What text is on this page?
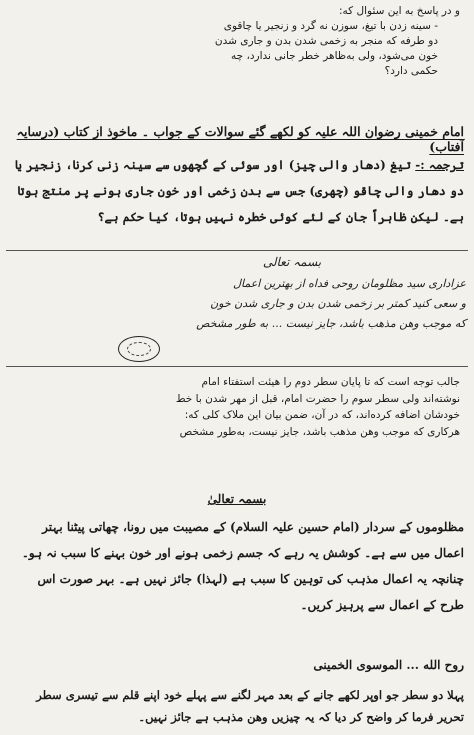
و در پاسخ به این سئوال که:

- سینه زدن با تیغ، سوزن نه گرد و زنجیر یا چاقوی

دو طرفه که منجر به زخمی شدن بدن و جاری شدن

خون می‌شود، ولی به‌ظاهر خطر جانی ندارد، چه

حکمی دارد؟

امام خمینی رضوان اللہ علیہ کو لکھے گئے سوالات کے جواب ۔ ماخوذ از کتاب (درسایہ آفتاب)
ترجمہ :- تیغ (دھار والی چیز) اور سوئی کے گچھوں سے سینہ زنی کرنا، زنجیر یا دو دھار والی چاقو (چھری) جس سے بدن زخمی اور خون جاری ہونے پر منتج ہوتا ہے۔ لیکن ظاہراً جان کے لئے کوئی خطرہ نہیں ہوتا، کیا حکم ہے؟
بسمہ تعالی

عزاداری سید مظلومان روحی فداه از بهترین اعمال

و سعی کنید کمتر بر زخمی شدن بدن و جاری شدن خون

که موجب وهن مذهب باشد، جایز نیست ... به طور مشخص

جالب توجه است که تا پایان سطر دوم را هیئت استفتاء امام

نوشته‌اند ولی سطر سوم را حضرت امام، قبل از مهر شدن با خط

خودشان اضافه کرده‌اند، که در آن، ضمن بیان این ملاک کلی که:

هرکاری که موجب وهن مذهب باشد، جایز نیست، به‌طور مشخص

بسمہ تعالیٰ

مظلوموں کے سردار (امام حسین علیہ السلام) کے مصیبت میں رونا، چھاتی پیٹنا بہتر اعمال میں سے ہے۔ کوشش یہ رہے کہ جسم زخمی ہونے اور خون بہنے کا سبب نہ ہو۔ چنانچہ یہ اعمال مذہب کی توہین کا سبب ہے (لہذا) جائز نہیں ہے۔ بہر صورت اس طرح کے اعمال سے پرہیز کریں۔

روح الله ... الموسوی الخمینی
پہلا دو سطر جو اوپر لکھے جانے کے بعد مہر لگنے سے پہلے خود اپنے قلم سے تیسری سطر تحریر فرما کر واضح کر دیا کہ یہ چیزیں وھن مذہب ہے جائز نہیں۔
